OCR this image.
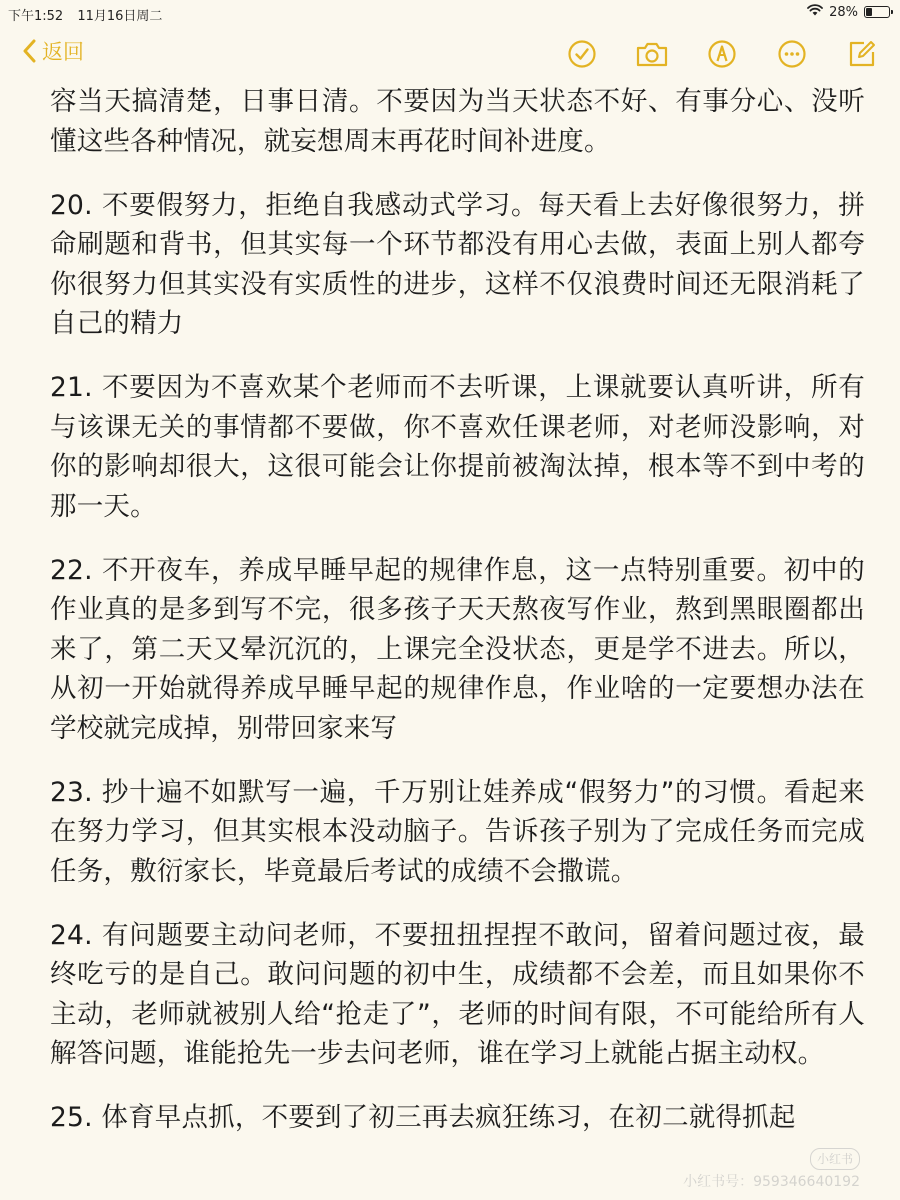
下午1:52 11月16日周二	28%
返回

容当天搞清楚，日事日清。不要因为当天状态不好、有事分心、没听懂这些各种情况，就妄想周末再花时间补进度。

20. 不要假努力，拒绝自我感动式学习。每天看上去好像很努力，拼命刷题和背书，但其实每一个环节都没有用心去做，表面上别人都夸你很努力但其实没有实质性的进步，这样不仅浪费时间还无限消耗了自己的精力

21. 不要因为不喜欢某个老师而不去听课，上课就要认真听讲，所有与该课无关的事情都不要做，你不喜欢任课老师，对老师没影响，对你的影响却很大，这很可能会让你提前被淘汰掉，根本等不到中考的那一天。

22. 不开夜车，养成早睡早起的规律作息，这一点特别重要。初中的作业真的是多到写不完，很多孩子天天熬夜写作业，熬到黑眼圈都出来了，第二天又晕沉沉的，上课完全没状态，更是学不进去。所以，从初一开始就得养成早睡早起的规律作息，作业啥的一定要想办法在学校就完成掉，别带回家来写

23. 抄十遍不如默写一遍，千万别让娃养成“假努力”的习惯。看起来在努力学习，但其实根本没动脑子。告诉孩子别为了完成任务而完成任务，敷衍家长，毕竟最后考试的成绩不会撒谎。

24. 有问题要主动问老师，不要扭扭捏捏不敢问，留着问题过夜，最终吃亏的是自己。敢问问题的初中生，成绩都不会差，而且如果你不主动，老师就被别人给“抢走了”，老师的时间有限，不可能给所有人解答问题，谁能抢先一步去问老师，谁在学习上就能占据主动权。

25. 体育早点抓，不要到了初三再去疯狂练习，在初二就得抓起

小红书
小红书号：959346640192
